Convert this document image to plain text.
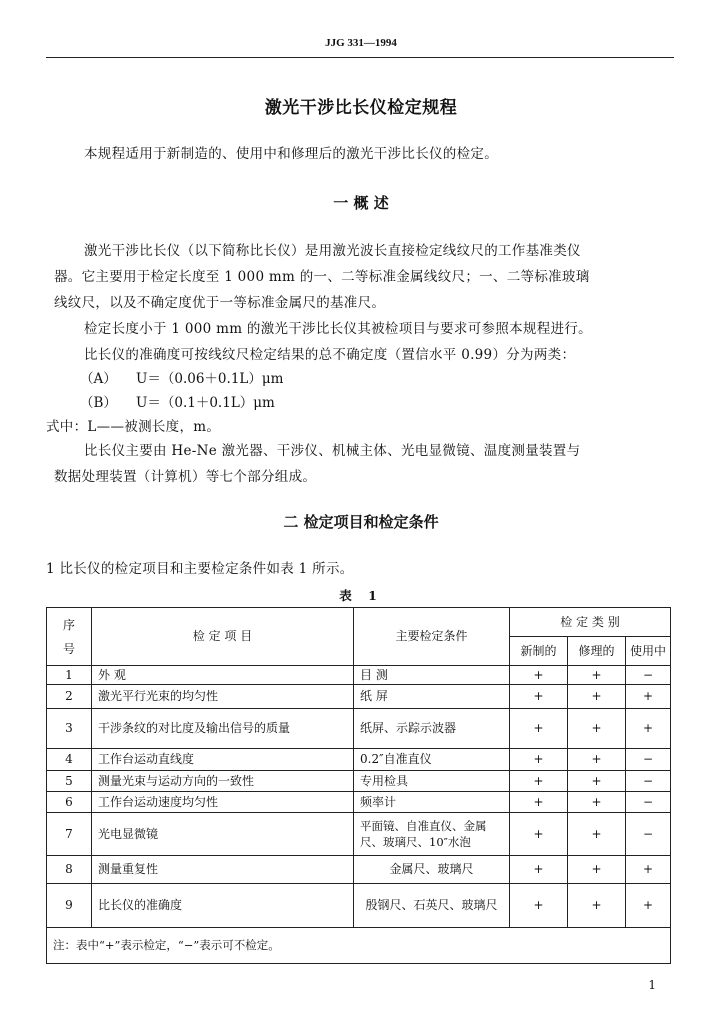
JJG 331—1994
激光干涉比长仪检定规程
本规程适用于新制造的、使用中和修理后的激光干涉比长仪的检定。
一 概 述
激光干涉比长仪（以下简称比长仪）是用激光波长直接检定线纹尺的工作基准类仪
器。它主要用于检定长度至 1 000 mm 的一、二等标准金属线纹尺；一、二等标准玻璃
线纹尺，以及不确定度优于一等标准金属尺的基准尺。
检定长度小于 1 000 mm 的激光干涉比长仪其被检项目与要求可参照本规程进行。
比长仪的准确度可按线纹尺检定结果的总不确定度（置信水平 0.99）分为两类：
（A） U＝（0.06＋0.1L）μm
（B） U＝（0.1＋0.1L）μm
式中：L——被测长度，m。
比长仪主要由 He-Ne 激光器、干涉仪、机械主体、光电显微镜、温度测量装置与
数据处理装置（计算机）等七个部分组成。
二 检定项目和检定条件
1 比长仪的检定项目和主要检定条件如表 1 所示。
表 1
序
号	检 定 项 目	主要检定条件	检 定 类 别		
			新制的	修理的	使用中
1	外 观	目 测	+	+	−
2	激光平行光束的均匀性	纸 屏	+	+	+
3	干涉条纹的对比度及输出信号的质量	纸屏、示踪示波器	+	+	+
4	工作台运动直线度	0.2″自准直仪	+	+	−
5	测量光束与运动方向的一致性	专用检具	+	+	−
6	工作台运动速度均匀性	频率计	+	+	−
7	光电显微镜	平面镜、自准直仪、金属尺、玻璃尺、10″水泡	+	+	−
8	测量重复性	金属尺、玻璃尺	+	+	+
9	比长仪的准确度	殷钢尺、石英尺、玻璃尺	+	+	+
注：表中“+”表示检定，“−”表示可不检定。					
1
